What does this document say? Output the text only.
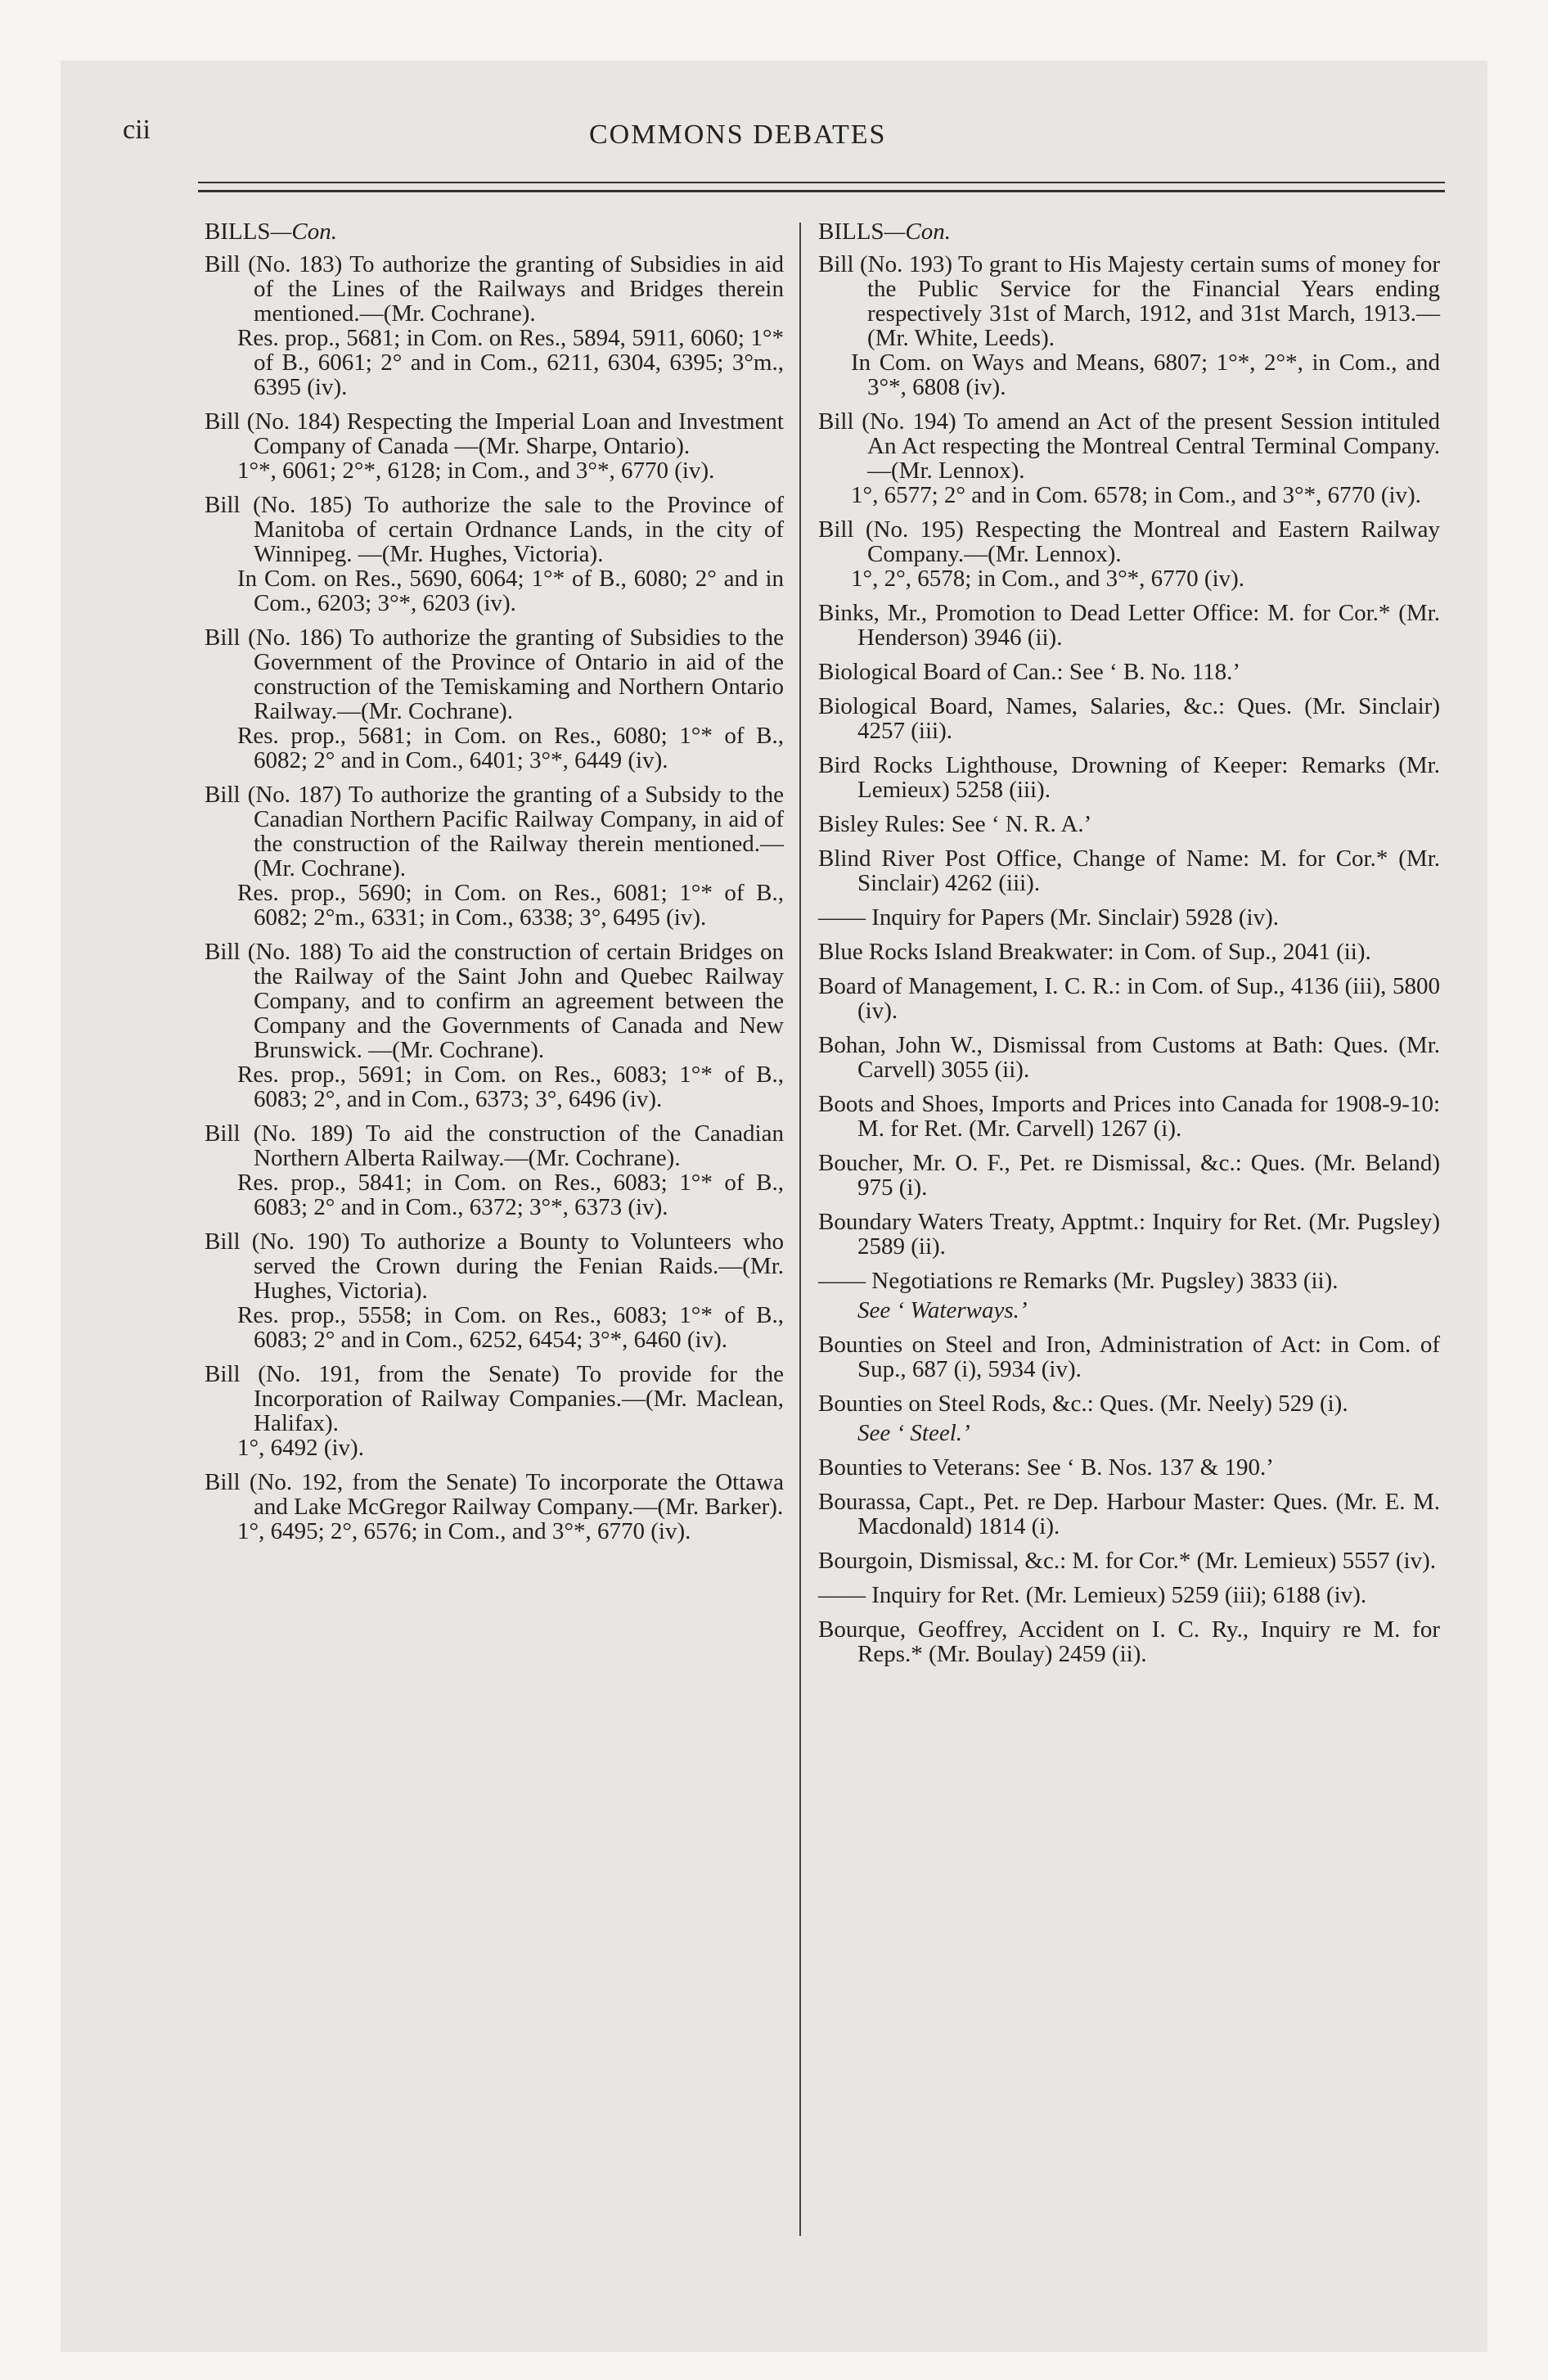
cii	COMMONS DEBATES

BILLS—Con.

Bill (No. 183) To authorize the granting of Subsidies in aid of the Lines of the Railways and Bridges therein mentioned.—(Mr. Cochrane).

Res. prop., 5681; in Com. on Res., 5894, 5911, 6060; 1°* of B., 6061; 2° and in Com., 6211, 6304, 6395; 3°m., 6395 (iv).

Bill (No. 184) Respecting the Imperial Loan and Investment Company of Canada —(Mr. Sharpe, Ontario).

1°*, 6061; 2°*, 6128; in Com., and 3°*, 6770 (iv).

Bill (No. 185) To authorize the sale to the Province of Manitoba of certain Ordnance Lands, in the city of Winnipeg. —(Mr. Hughes, Victoria).

In Com. on Res., 5690, 6064; 1°* of B., 6080; 2° and in Com., 6203; 3°*, 6203 (iv).

Bill (No. 186) To authorize the granting of Subsidies to the Government of the Province of Ontario in aid of the construction of the Temiskaming and Northern Ontario Railway.—(Mr. Cochrane).

Res. prop., 5681; in Com. on Res., 6080; 1°* of B., 6082; 2° and in Com., 6401; 3°*, 6449 (iv).

Bill (No. 187) To authorize the granting of a Subsidy to the Canadian Northern Pacific Railway Company, in aid of the construction of the Railway therein mentioned.—(Mr. Cochrane).

Res. prop., 5690; in Com. on Res., 6081; 1°* of B., 6082; 2°m., 6331; in Com., 6338; 3°, 6495 (iv).

Bill (No. 188) To aid the construction of certain Bridges on the Railway of the Saint John and Quebec Railway Company, and to confirm an agreement between the Company and the Governments of Canada and New Brunswick. —(Mr. Cochrane).

Res. prop., 5691; in Com. on Res., 6083; 1°* of B., 6083; 2°, and in Com., 6373; 3°, 6496 (iv).

Bill (No. 189) To aid the construction of the Canadian Northern Alberta Railway.—(Mr. Cochrane).

Res. prop., 5841; in Com. on Res., 6083; 1°* of B., 6083; 2° and in Com., 6372; 3°*, 6373 (iv).

Bill (No. 190) To authorize a Bounty to Volunteers who served the Crown during the Fenian Raids.—(Mr. Hughes, Victoria).

Res. prop., 5558; in Com. on Res., 6083; 1°* of B., 6083; 2° and in Com., 6252, 6454; 3°*, 6460 (iv).

Bill (No. 191, from the Senate) To provide for the Incorporation of Railway Companies.—(Mr. Maclean, Halifax).

1°, 6492 (iv).

Bill (No. 192, from the Senate) To incorporate the Ottawa and Lake McGregor Railway Company.—(Mr. Barker).

1°, 6495; 2°, 6576; in Com., and 3°*, 6770 (iv).

BILLS—Con.

Bill (No. 193) To grant to His Majesty certain sums of money for the Public Service for the Financial Years ending respectively 31st of March, 1912, and 31st March, 1913.—(Mr. White, Leeds).

In Com. on Ways and Means, 6807; 1°*, 2°*, in Com., and 3°*, 6808 (iv).

Bill (No. 194) To amend an Act of the present Session intituled An Act respecting the Montreal Central Terminal Company.—(Mr. Lennox).

1°, 6577; 2° and in Com. 6578; in Com., and 3°*, 6770 (iv).

Bill (No. 195) Respecting the Montreal and Eastern Railway Company.—(Mr. Lennox).

1°, 2°, 6578; in Com., and 3°*, 6770 (iv).

Binks, Mr., Promotion to Dead Letter Office: M. for Cor.* (Mr. Henderson) 3946 (ii).

Biological Board of Can.: See ‘ B. No. 118.’

Biological Board, Names, Salaries, &c.: Ques. (Mr. Sinclair) 4257 (iii).

Bird Rocks Lighthouse, Drowning of Keeper: Remarks (Mr. Lemieux) 5258 (iii).

Bisley Rules: See ‘ N. R. A.’

Blind River Post Office, Change of Name: M. for Cor.* (Mr. Sinclair) 4262 (iii).

—— Inquiry for Papers (Mr. Sinclair) 5928 (iv).

Blue Rocks Island Breakwater: in Com. of Sup., 2041 (ii).

Board of Management, I. C. R.: in Com. of Sup., 4136 (iii), 5800 (iv).

Bohan, John W., Dismissal from Customs at Bath: Ques. (Mr. Carvell) 3055 (ii).

Boots and Shoes, Imports and Prices into Canada for 1908-9-10: M. for Ret. (Mr. Carvell) 1267 (i).

Boucher, Mr. O. F., Pet. re Dismissal, &c.: Ques. (Mr. Beland) 975 (i).

Boundary Waters Treaty, Apptmt.: Inquiry for Ret. (Mr. Pugsley) 2589 (ii).

—— Negotiations re Remarks (Mr. Pugsley) 3833 (ii).

See ‘ Waterways.’

Bounties on Steel and Iron, Administration of Act: in Com. of Sup., 687 (i), 5934 (iv).

Bounties on Steel Rods, &c.: Ques. (Mr. Neely) 529 (i).

See ‘ Steel.’

Bounties to Veterans: See ‘ B. Nos. 137 & 190.’

Bourassa, Capt., Pet. re Dep. Harbour Master: Ques. (Mr. E. M. Macdonald) 1814 (i).

Bourgoin, Dismissal, &c.: M. for Cor.* (Mr. Lemieux) 5557 (iv).

—— Inquiry for Ret. (Mr. Lemieux) 5259 (iii); 6188 (iv).

Bourque, Geoffrey, Accident on I. C. Ry., Inquiry re M. for Reps.* (Mr. Boulay) 2459 (ii).
